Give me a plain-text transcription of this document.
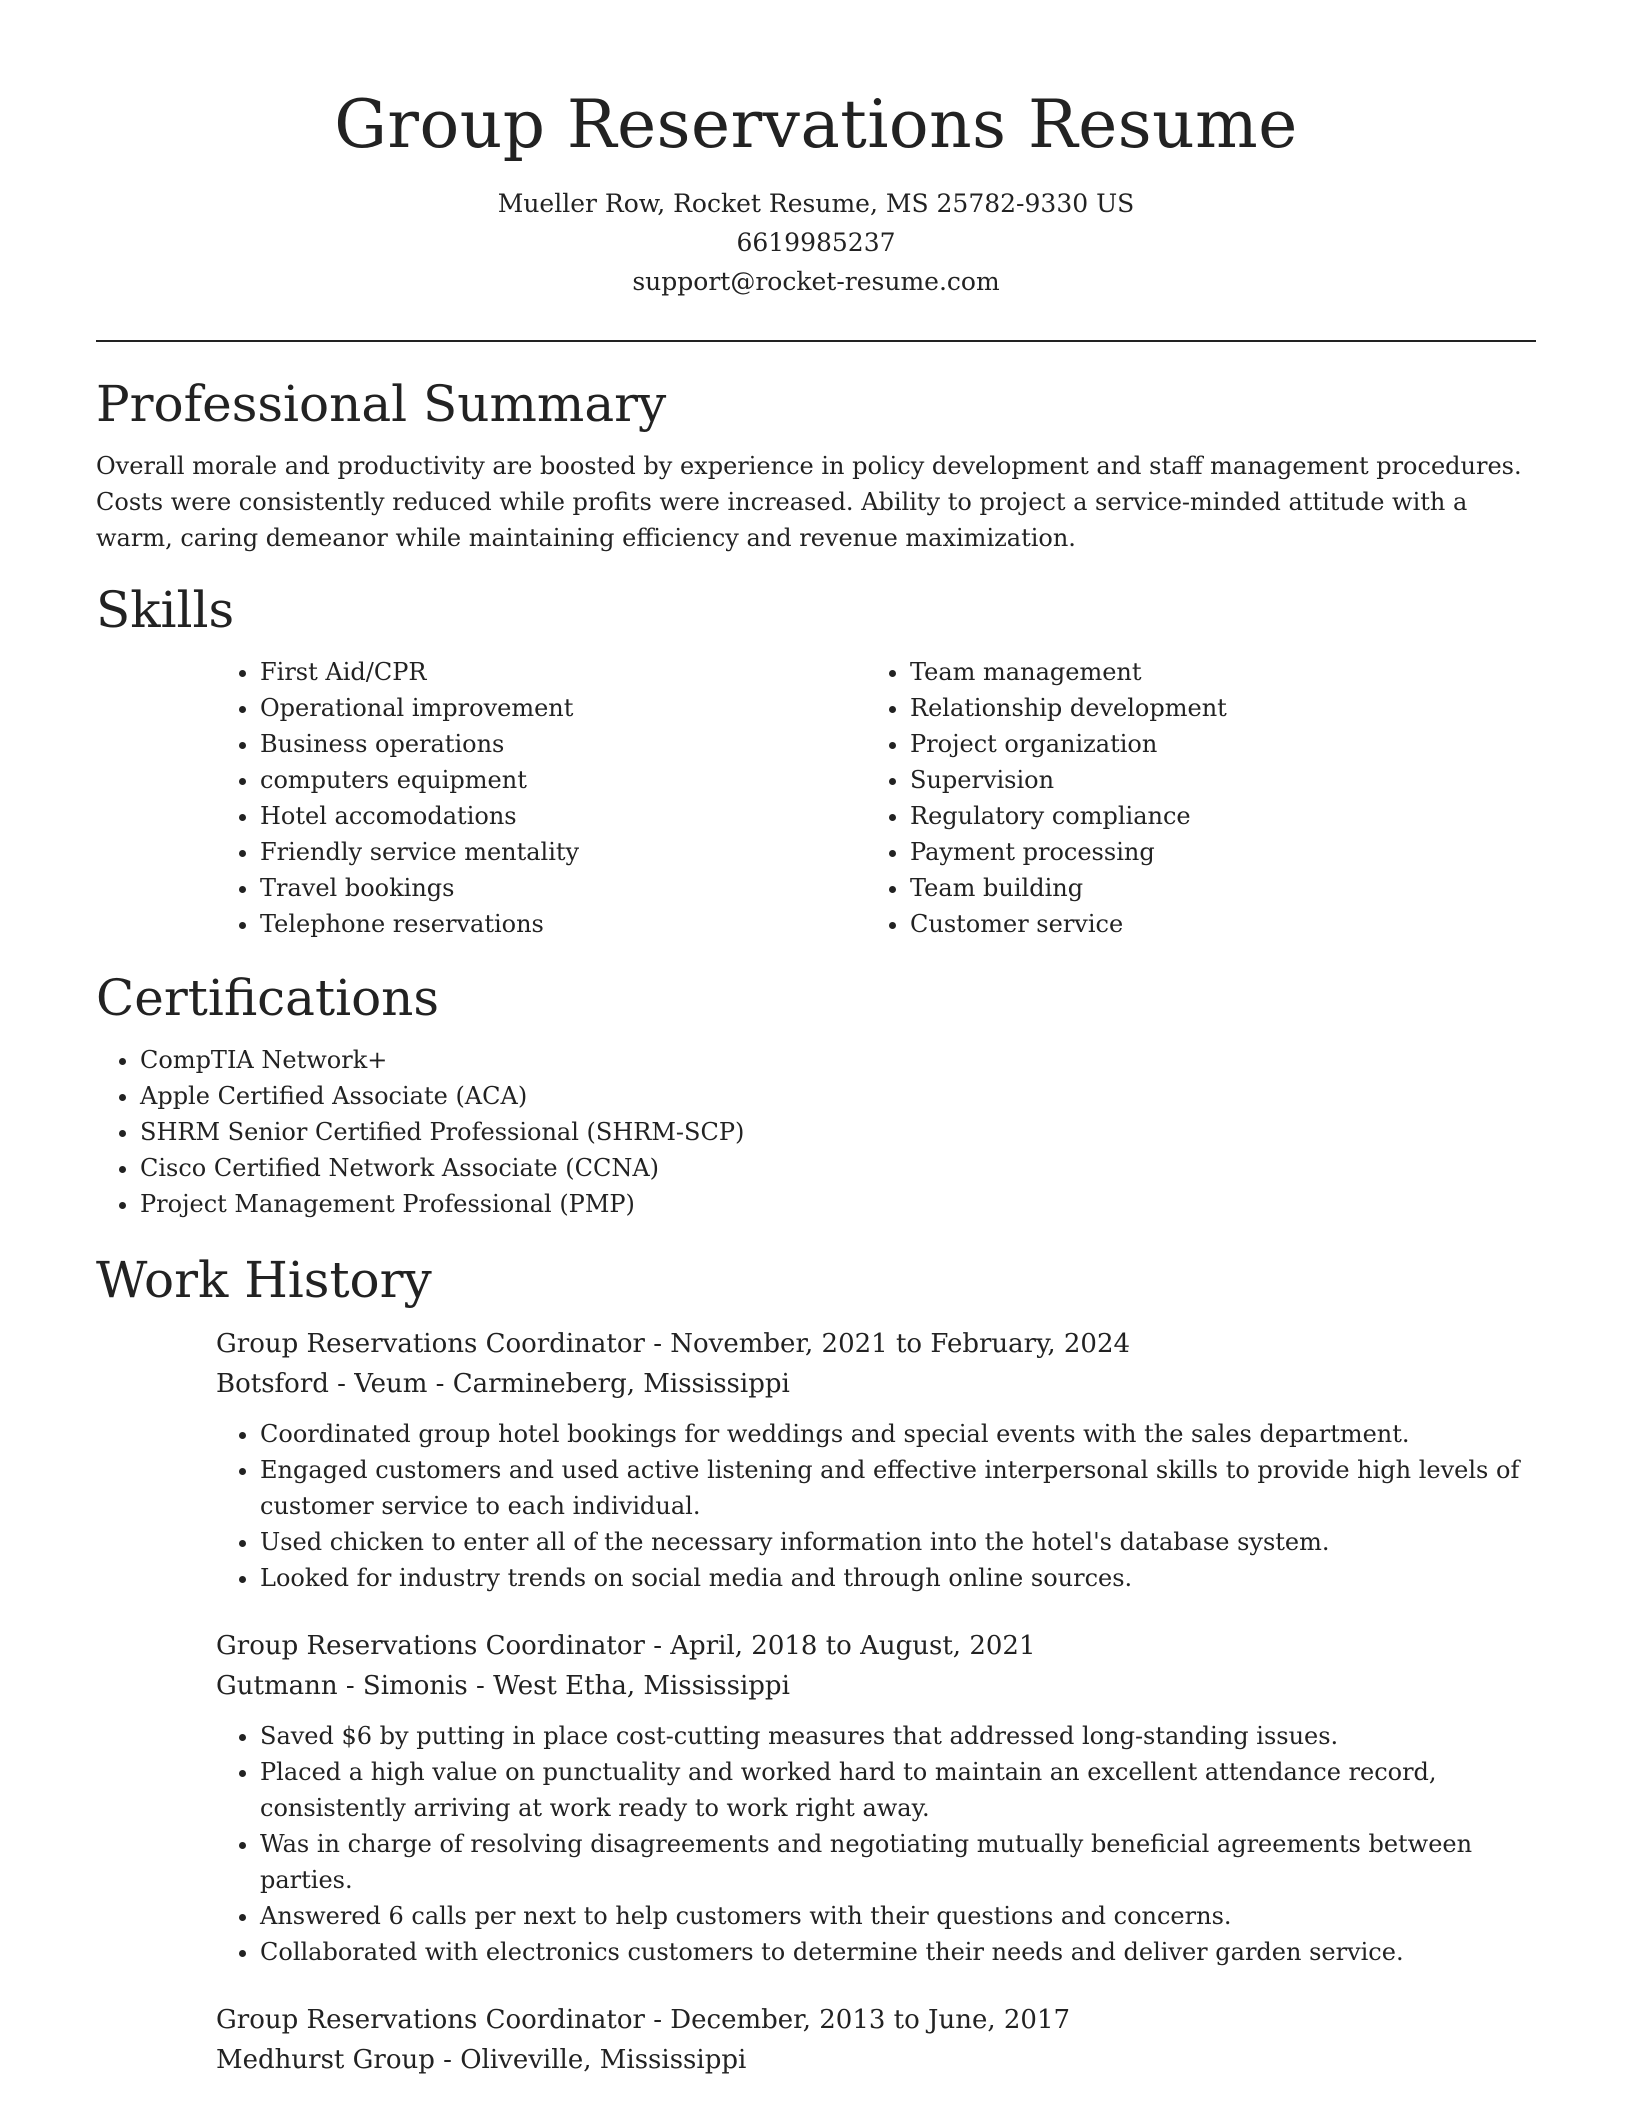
Group Reservations Resume
Mueller Row, Rocket Resume, MS 25782-9330 US
6619985237
support@rocket-resume.com
Professional Summary

Overall morale and productivity are boosted by experience in policy development and staff management procedures. Costs were consistently reduced while profits were increased. Ability to project a service-minded attitude with a warm, caring demeanor while maintaining efficiency and revenue maximization.

Skills
• First Aid/CPR
• Operational improvement
• Business operations
• computers equipment
• Hotel accomodations
• Friendly service mentality
• Travel bookings
• Telephone reservations
• Team management
• Relationship development
• Project organization
• Supervision
• Regulatory compliance
• Payment processing
• Team building
• Customer service
Certifications
• CompTIA Network+
• Apple Certified Associate (ACA)
• SHRM Senior Certified Professional (SHRM-SCP)
• Cisco Certified Network Associate (CCNA)
• Project Management Professional (PMP)
Work History

Group Reservations Coordinator - November, 2021 to February, 2024

Botsford - Veum - Carmineberg, Mississippi

• Coordinated group hotel bookings for weddings and special events with the sales department.
• Engaged customers and used active listening and effective interpersonal skills to provide high levels of customer service to each individual.
• Used chicken to enter all of the necessary information into the hotel's database system.
• Looked for industry trends on social media and through online sources.

Group Reservations Coordinator - April, 2018 to August, 2021

Gutmann - Simonis - West Etha, Mississippi

• Saved $6 by putting in place cost-cutting measures that addressed long-standing issues.
• Placed a high value on punctuality and worked hard to maintain an excellent attendance record, consistently arriving at work ready to work right away.
• Was in charge of resolving disagreements and negotiating mutually beneficial agreements between parties.
• Answered 6 calls per next to help customers with their questions and concerns.
• Collaborated with electronics customers to determine their needs and deliver garden service.

Group Reservations Coordinator - December, 2013 to June, 2017

Medhurst Group - Oliveville, Mississippi
